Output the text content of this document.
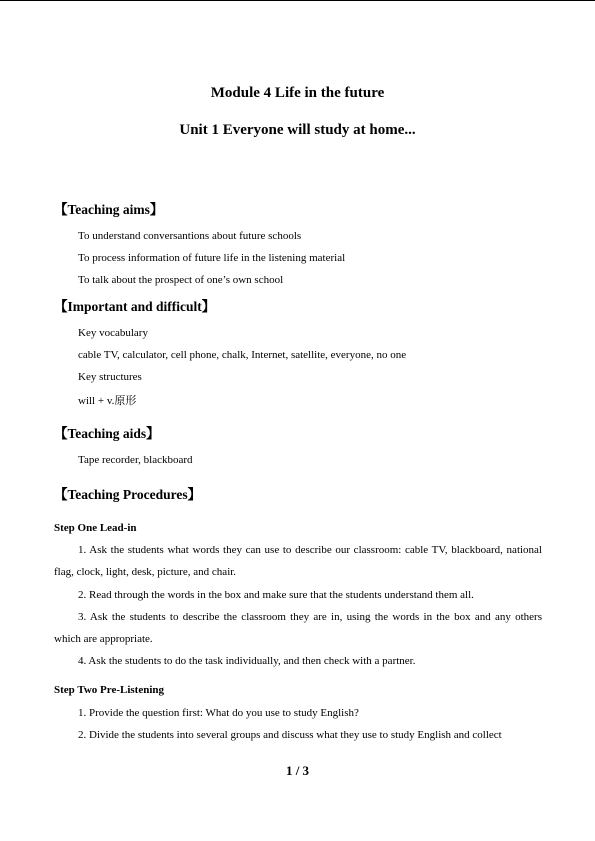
Module 4 Life in the future
Unit 1 Everyone will study at home...
【Teaching aims】
To understand conversantions about future schools
To process information of future life in the listening material
To talk about the prospect of one’s own school
【Important and difficult】
Key vocabulary
cable TV, calculator, cell phone, chalk, Internet, satellite, everyone, no one
Key structures
will + v.原形
【Teaching aids】
Tape recorder, blackboard
【Teaching Procedures】
Step One Lead-in

1. Ask the students what words they can use to describe our classroom: cable TV, blackboard, national flag, clock, light, desk, picture, and chair.

2. Read through the words in the box and make sure that the students understand them all.

3. Ask the students to describe the classroom they are in, using the words in the box and any others which are appropriate.

4. Ask the students to do the task individually, and then check with a partner.

Step Two Pre-Listening

1. Provide the question first: What do you use to study English?

2. Divide the students into several groups and discuss what they use to study English and collect

1 / 3
